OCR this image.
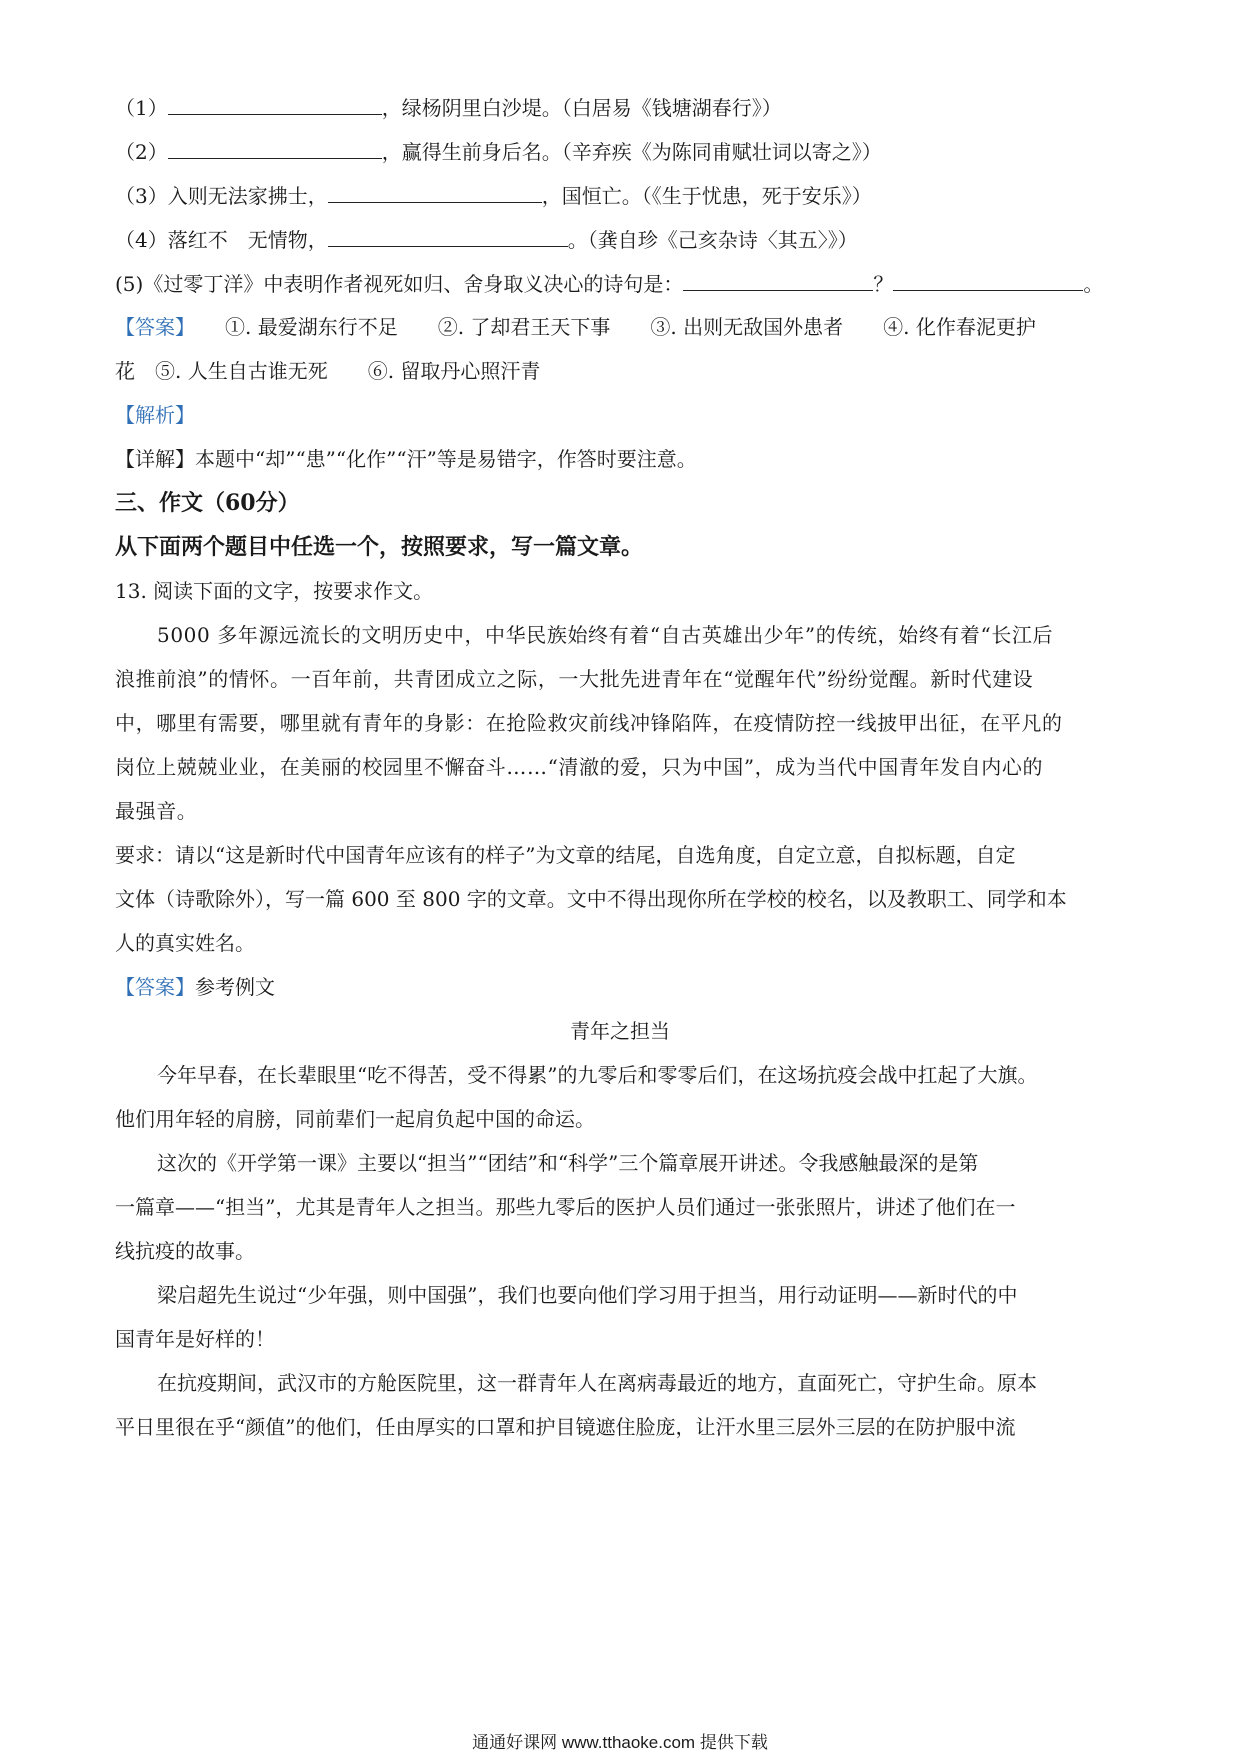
（1）	，绿杨阴里白沙堤。（白居易《钱塘湖春行》）
（2）	，赢得生前身后名。（辛弃疾《为陈同甫赋壮词以寄之》）
（3）入则无法家拂士，	，国恒亡。（《生于忧患，死于安乐》）
（4）落红不　无情物，	。（龚自珍《己亥杂诗〈其五〉》）
(5)《过零丁洋》中表明作者视死如归、舍身取义决心的诗句是：	？	。
【答案】 ①. 最爱湖东行不足　　②. 了却君王天下事　　③. 出则无敌国外患者　　④. 化作春泥更护
花　⑤. 人生自古谁无死　　⑥. 留取丹心照汗青
【解析】
【详解】本题中“却”“患”“化作”“汗”等是易错字，作答时要注意。
三、作文（60分）
从下面两个题目中任选一个，按照要求，写一篇文章。
13. 阅读下面的文字，按要求作文。
5000 多年源远流长的文明历史中，中华民族始终有着“自古英雄出少年”的传统，始终有着“长江后
浪推前浪”的情怀。一百年前，共青团成立之际，一大批先进青年在“觉醒年代”纷纷觉醒。新时代建设
中，哪里有需要，哪里就有青年的身影：在抢险救灾前线冲锋陷阵，在疫情防控一线披甲出征，在平凡的
岗位上兢兢业业，在美丽的校园里不懈奋斗……“清澈的爱，只为中国”，成为当代中国青年发自内心的
最强音。
要求：请以“这是新时代中国青年应该有的样子”为文章的结尾，自选角度，自定立意，自拟标题，自定
文体（诗歌除外），写一篇 600 至 800 字的文章。文中不得出现你所在学校的校名，以及教职工、同学和本
人的真实姓名。
【答案】参考例文
青年之担当
今年早春，在长辈眼里“吃不得苦，受不得累”的九零后和零零后们，在这场抗疫会战中扛起了大旗。
他们用年轻的肩膀，同前辈们一起肩负起中国的命运。
这次的《开学第一课》主要以“担当”“团结”和“科学”三个篇章展开讲述。令我感触最深的是第
一篇章——“担当”，尤其是青年人之担当。那些九零后的医护人员们通过一张张照片，讲述了他们在一
线抗疫的故事。
梁启超先生说过“少年强，则中国强”，我们也要向他们学习用于担当，用行动证明——新时代的中
国青年是好样的！
在抗疫期间，武汉市的方舱医院里，这一群青年人在离病毒最近的地方，直面死亡，守护生命。原本
平日里很在乎“颜值”的他们，任由厚实的口罩和护目镜遮住脸庞，让汗水里三层外三层的在防护服中流
通通好课网 www.tthaoke.com 提供下载
